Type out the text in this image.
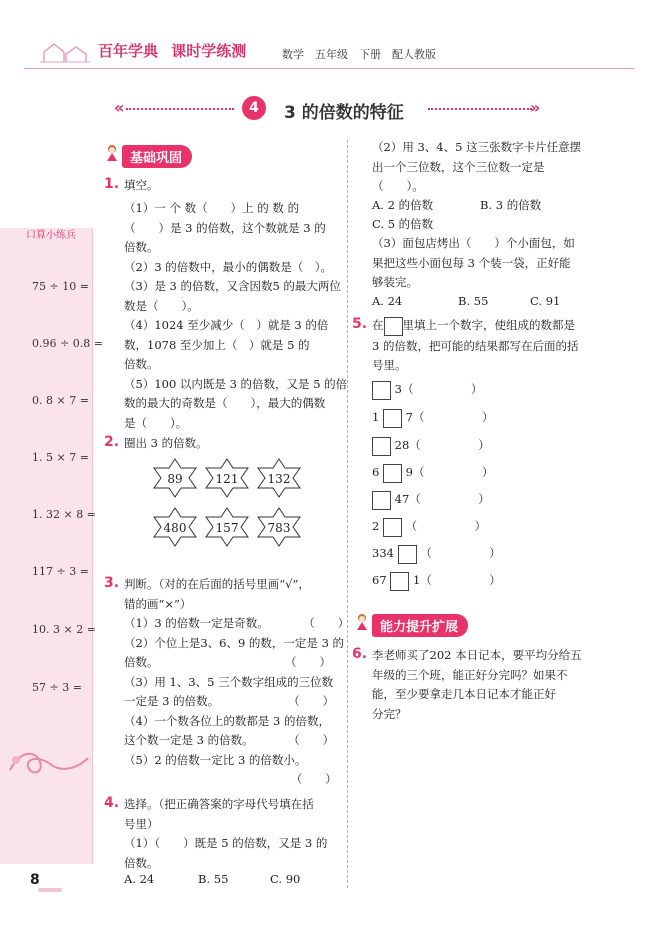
百年学典 课时学练测	数学　五年级　下册　配人教版
«	4	3 的倍数的特征	»
口算小练兵
75 ÷ 10 =
0.96 ÷ 0.8 =
0. 8 × 7 =
1. 5 × 7 =
1. 32 × 8 =
117 ÷ 3 =
10. 3 × 2 =
57 ÷ 3 =
基础巩固
1. 填空。
（1）一 个 数（　　）上 的 数 的
（　　）是 3 的倍数，这个数就是 3 的
倍数。
（2）3 的倍数中，最小的偶数是（　）。
（3）是 3 的倍数，又含因数5 的最大两位
数是（　　）。
（4）1024 至少减少（　）就是 3 的倍
数，1078 至少加上（　）就是 5 的
倍数。
（5）100 以内既是 3 的倍数，又是 5 的倍
数的最大的奇数是（　　），最大的偶数
是（　　）。
2. 圈出 3 的倍数。
89	121 132
480 157 783
3. 判断。（对的在后面的括号里画“√”，
错的画“×”）
（1）3 的倍数一定是奇数。　　　　（　　）
（2）个位上是3、6、9 的数，一定是 3 的
倍数。　　　　　　　　　　　　（　　）
（3）用 1、3、5 三个数字组成的三位数
一定是 3 的倍数。　　　　　　　（　　）
（4）一个数各位上的数都是 3 的倍数，
这个数一定是 3 的倍数。　　　　（　　）
（5）2 的倍数一定比 3 的倍数小。
　　　　　　　　　　　　　　　（　　）
4. 选择。（把正确答案的字母代号填在括
号里）
（1）（　　）既是 5 的倍数，又是 3 的
倍数。
A. 24	B. 55	C. 90
（2）用 3、4、5 这三张数字卡片任意摆
出一个三位数，这个三位数一定是
（　　）。
A. 2 的倍数	B. 3 的倍数
C. 5 的倍数
（3）面包店烤出（　　）个小面包，如
果把这些小面包每 3 个装一袋，正好能
够装完。
A. 24	B. 55	C. 91
5. 在 里填上一个数字，使组成的数都是
3 的倍数，把可能的结果都写在后面的括
号里。
3（　　　　　）
1 7（　　　　　）
28（　　　　　）
6 9（　　　　　）
47（　　　　　）
2 （　　　　　）
334 （　　　　　）
67 1（　　　　　）
能力提升扩展
6. 李老师买了202 本日记本，要平均分给五
年级的三个班，能正好分完吗？如果不
能，至少要拿走几本日记本才能正好
分完？
8
